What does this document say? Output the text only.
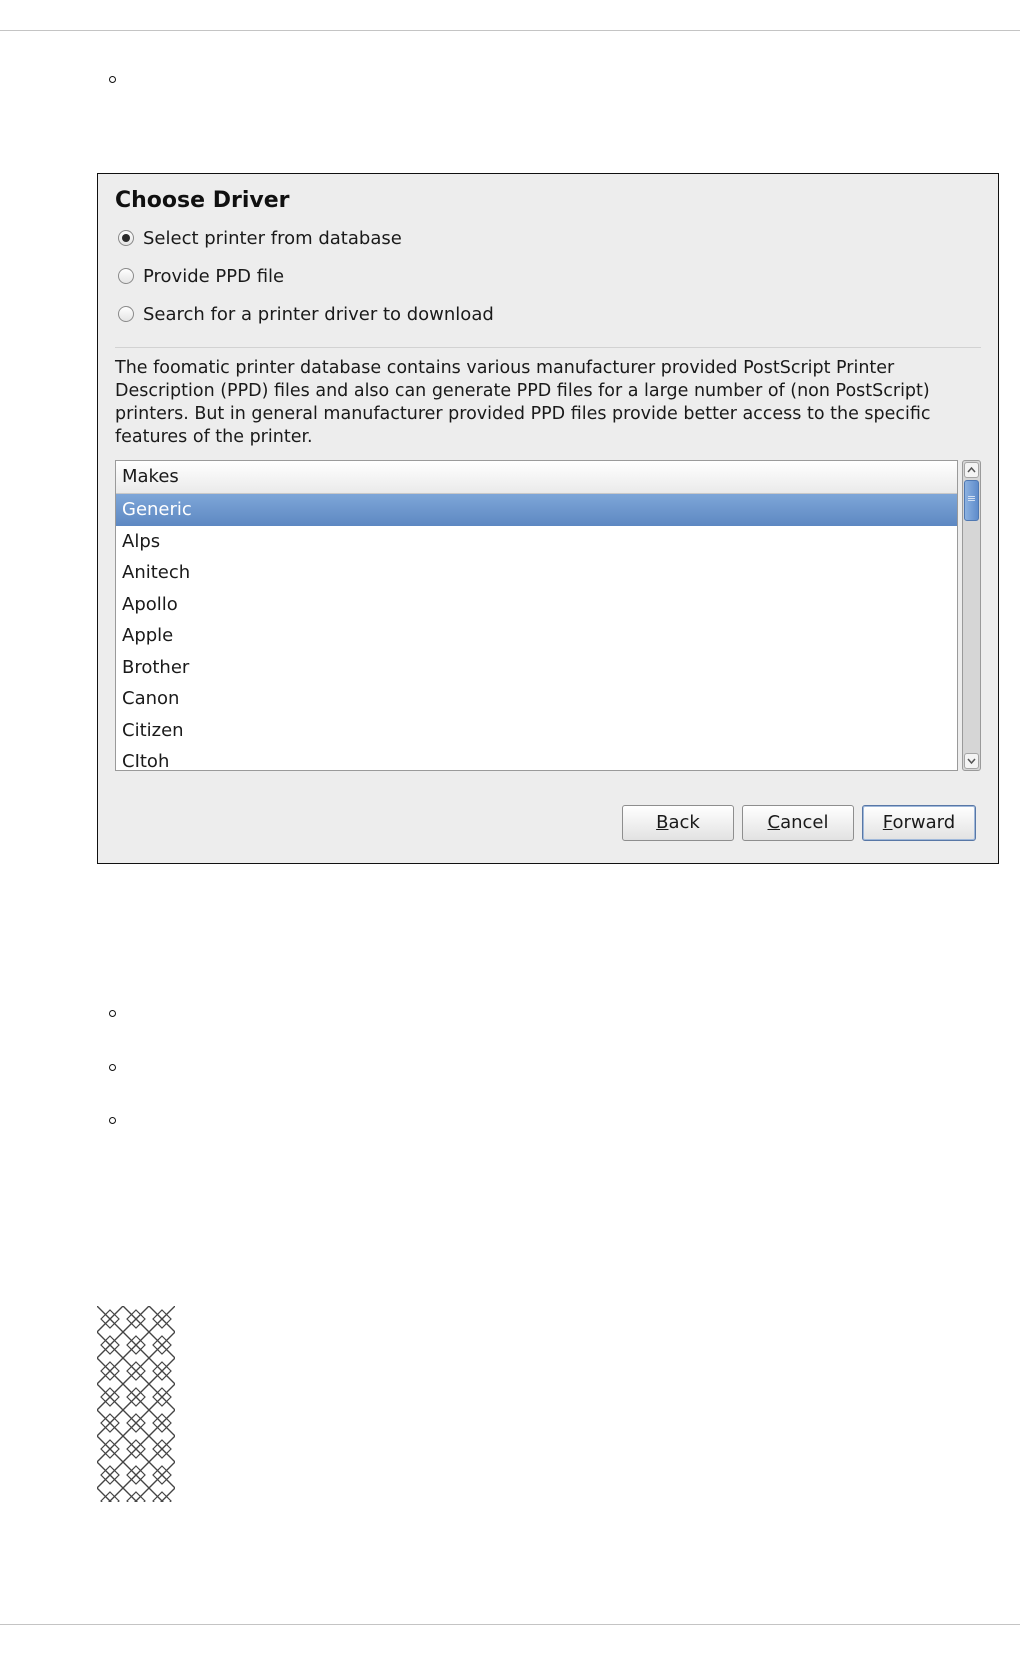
Choose Driver
Select printer from database
Provide PPD file
Search for a printer driver to download
The foomatic printer database contains various manufacturer provided PostScript Printer Description (PPD) files and also can generate PPD files for a large number of (non PostScript) printers. But in general manufacturer provided PPD files provide better access to the specific features of the printer.
Makes
Generic
Alps
Anitech
Apollo
Apple
Brother
Canon
Citizen
CItoh
≡
Back	Cancel	Forward
